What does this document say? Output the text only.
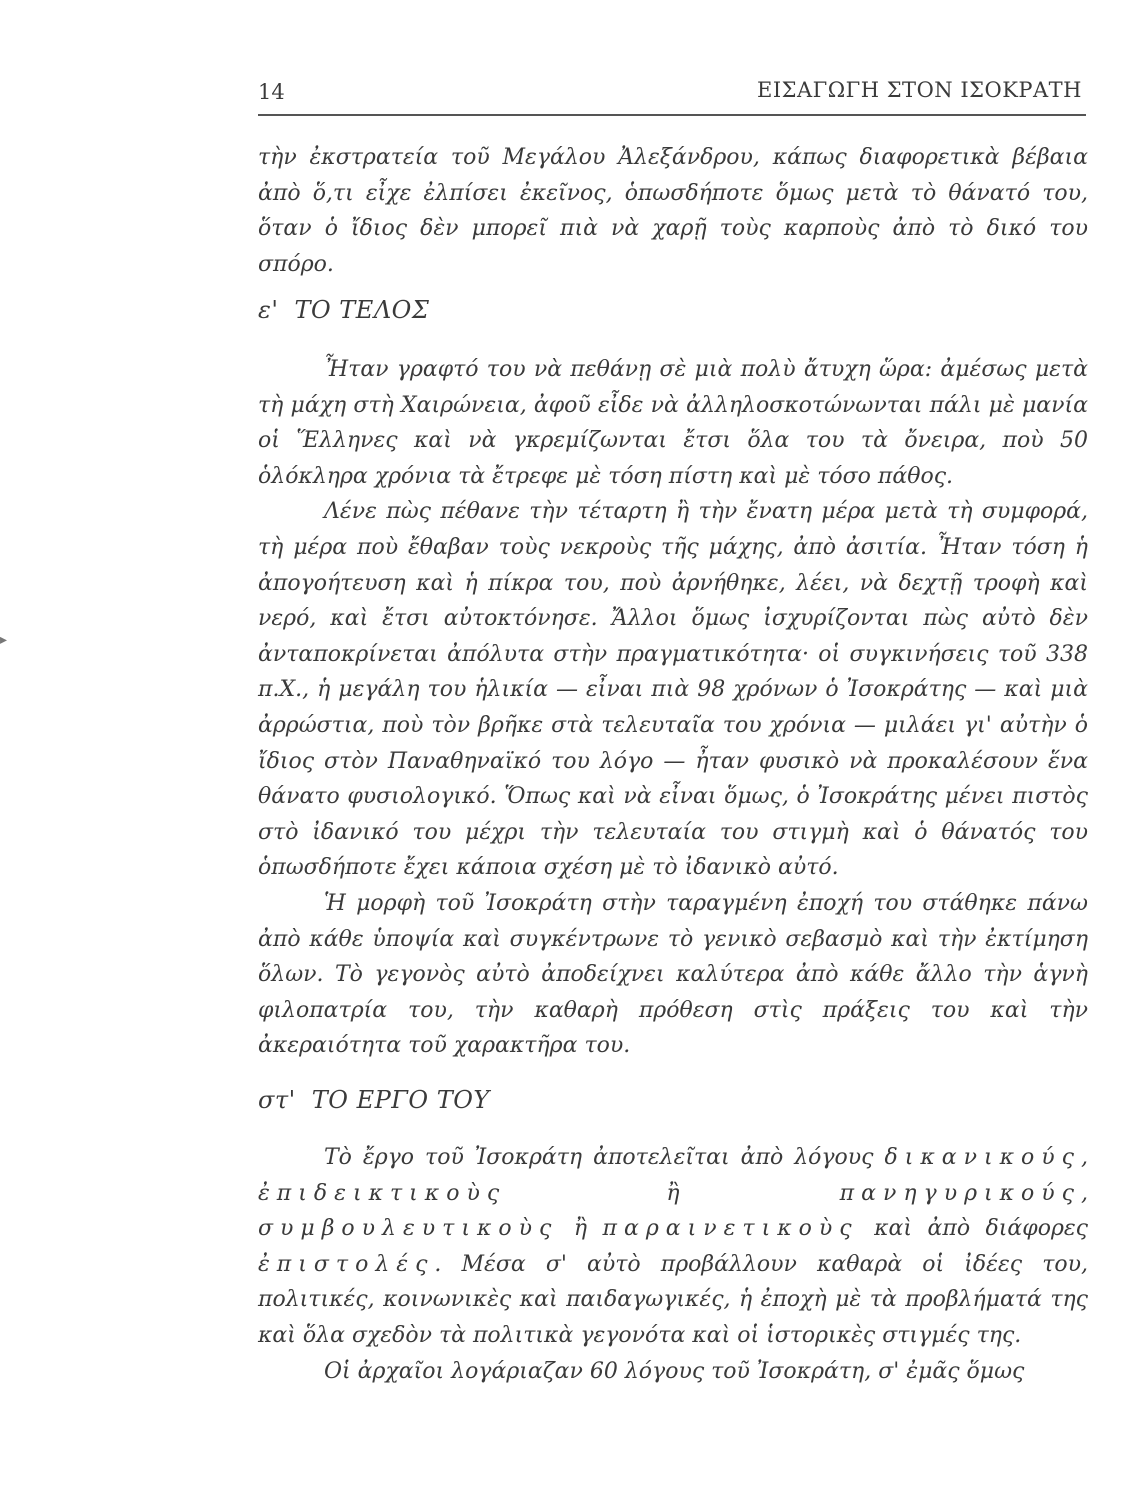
14	ΕΙΣΑΓΩΓΗ ΣΤΟΝ ΙΣΟΚΡΑΤΗ

τὴν ἐκστρατεία τοῦ Μεγάλου Ἀλεξάνδρου, κάπως διαφορετικὰ βέβαια ἀπὸ ὅ,τι εἶχε ἐλπίσει ἐκεῖνος, ὁπωσδήποτε ὅμως μετὰ τὸ θάνατό του, ὅταν ὁ ἴδιος δὲν μπορεῖ πιὰ νὰ χαρῇ τοὺς καρποὺς ἀπὸ τὸ δικό του σπόρο.

ε' ΤΟ ΤΕΛΟΣ

Ἦταν γραφτό του νὰ πεθάνῃ σὲ μιὰ πολὺ ἄτυχη ὥρα: ἀμέσως μετὰ τὴ μάχη στὴ Χαιρώνεια, ἀφοῦ εἶδε νὰ ἀλληλοσκοτώνωνται πάλι μὲ μανία οἱ Ἕλληνες καὶ νὰ γκρεμίζωνται ἔτσι ὅλα του τὰ ὄνειρα, ποὺ 50 ὁλόκληρα χρόνια τὰ ἔτρεφε μὲ τόση πίστη καὶ μὲ τόσο πάθος.

Λένε πὼς πέθανε τὴν τέταρτη ἢ τὴν ἔνατη μέρα μετὰ τὴ συμφορά, τὴ μέρα ποὺ ἔθαβαν τοὺς νεκροὺς τῆς μάχης, ἀπὸ ἀσιτία. Ἦταν τόση ἡ ἀπογοήτευση καὶ ἡ πίκρα του, ποὺ ἀρνήθηκε, λέει, νὰ δεχτῇ τροφὴ καὶ νερό, καὶ ἔτσι αὐτοκτόνησε. Ἄλλοι ὅμως ἰσχυρίζονται πὼς αὐτὸ δὲν ἀνταποκρίνεται ἀπόλυτα στὴν πραγματικότητα· οἱ συγκινήσεις τοῦ 338 π.Χ., ἡ μεγάλη του ἡλικία — εἶναι πιὰ 98 χρόνων ὁ Ἰσοκράτης — καὶ μιὰ ἀρρώστια, ποὺ τὸν βρῆκε στὰ τελευταῖα του χρόνια — μιλάει γι' αὐτὴν ὁ ἴδιος στὸν Παναθηναϊκό του λόγο — ἦταν φυσικὸ νὰ προκαλέσουν ἕνα θάνατο φυσιολογικό. Ὅπως καὶ νὰ εἶναι ὅμως, ὁ Ἰσοκράτης μένει πιστὸς στὸ ἰδανικό του μέχρι τὴν τελευταία του στιγμὴ καὶ ὁ θάνατός του ὁπωσδήποτε ἔχει κάποια σχέση μὲ τὸ ἰδανικὸ αὐτό.

Ἡ μορφὴ τοῦ Ἰσοκράτη στὴν ταραγμένη ἐποχή του στάθηκε πάνω ἀπὸ κάθε ὑποψία καὶ συγκέντρωνε τὸ γενικὸ σεβασμὸ καὶ τὴν ἐκτίμηση ὅλων. Τὸ γεγονὸς αὐτὸ ἀποδείχνει καλύτερα ἀπὸ κάθε ἄλλο τὴν ἁγνὴ φιλοπατρία του, τὴν καθαρὴ πρόθεση στὶς πράξεις του καὶ τὴν ἀκεραιότητα τοῦ χαρακτῆρα του.

στ' ΤΟ ΕΡΓΟ ΤΟΥ

Τὸ ἔργο τοῦ Ἰσοκράτη ἀποτελεῖται ἀπὸ λόγους δικανικούς, ἐπιδεικτικοὺς ἢ πανηγυρικούς, συμβουλευτικοὺς ἢ παραινετικοὺς καὶ ἀπὸ διάφορες ἐπιστολές. Μέσα σ' αὐτὸ προβάλλουν καθαρὰ οἱ ἰδέες του, πολιτικές, κοινωνικὲς καὶ παιδαγωγικές, ἡ ἐποχὴ μὲ τὰ προβλήματά της καὶ ὅλα σχεδὸν τὰ πολιτικὰ γεγονότα καὶ οἱ ἱστορικὲς στιγμές της.

Οἱ ἀρχαῖοι λογάριαζαν 60 λόγους τοῦ Ἰσοκράτη, σ' ἐμᾶς ὅμως

▸
